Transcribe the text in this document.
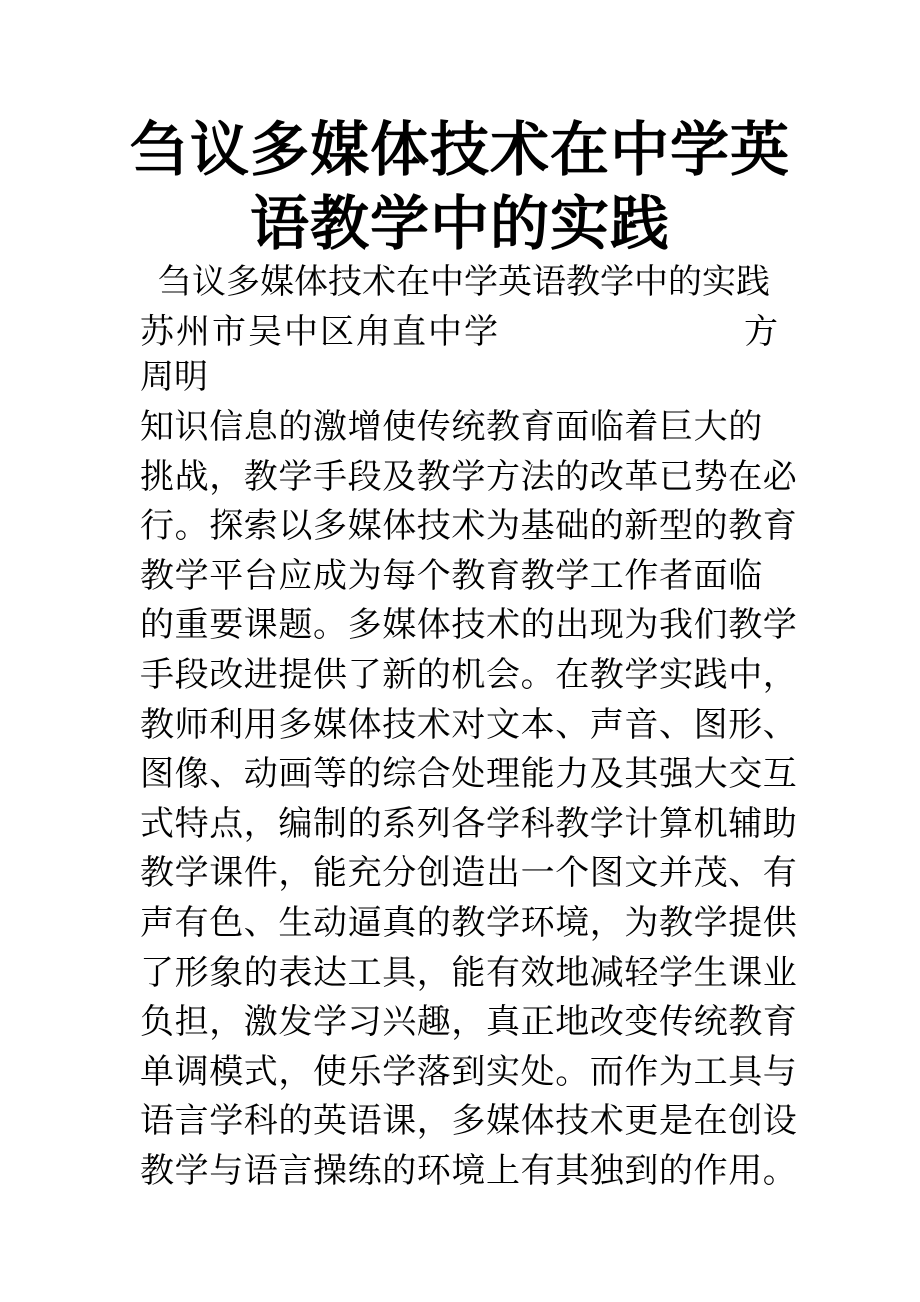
刍议多媒体技术在中学英
语教学中的实践
刍议多媒体技术在中学英语教学中的实践
苏州市吴中区甪直中学	方
周明
知识信息的激增使传统教育面临着巨大的
挑战，教学手段及教学方法的改革已势在必
行。探索以多媒体技术为基础的新型的教育
教学平台应成为每个教育教学工作者面临
的重要课题。多媒体技术的出现为我们教学
手段改进提供了新的机会。在教学实践中，
教师利用多媒体技术对文本、声音、图形、
图像、动画等的综合处理能力及其强大交互
式特点，编制的系列各学科教学计算机辅助
教学课件，能充分创造出一个图文并茂、有
声有色、生动逼真的教学环境，为教学提供
了形象的表达工具，能有效地减轻学生课业
负担，激发学习兴趣，真正地改变传统教育
单调模式，使乐学落到实处。而作为工具与
语言学科的英语课，多媒体技术更是在创设
教学与语言操练的环境上有其独到的作用。
